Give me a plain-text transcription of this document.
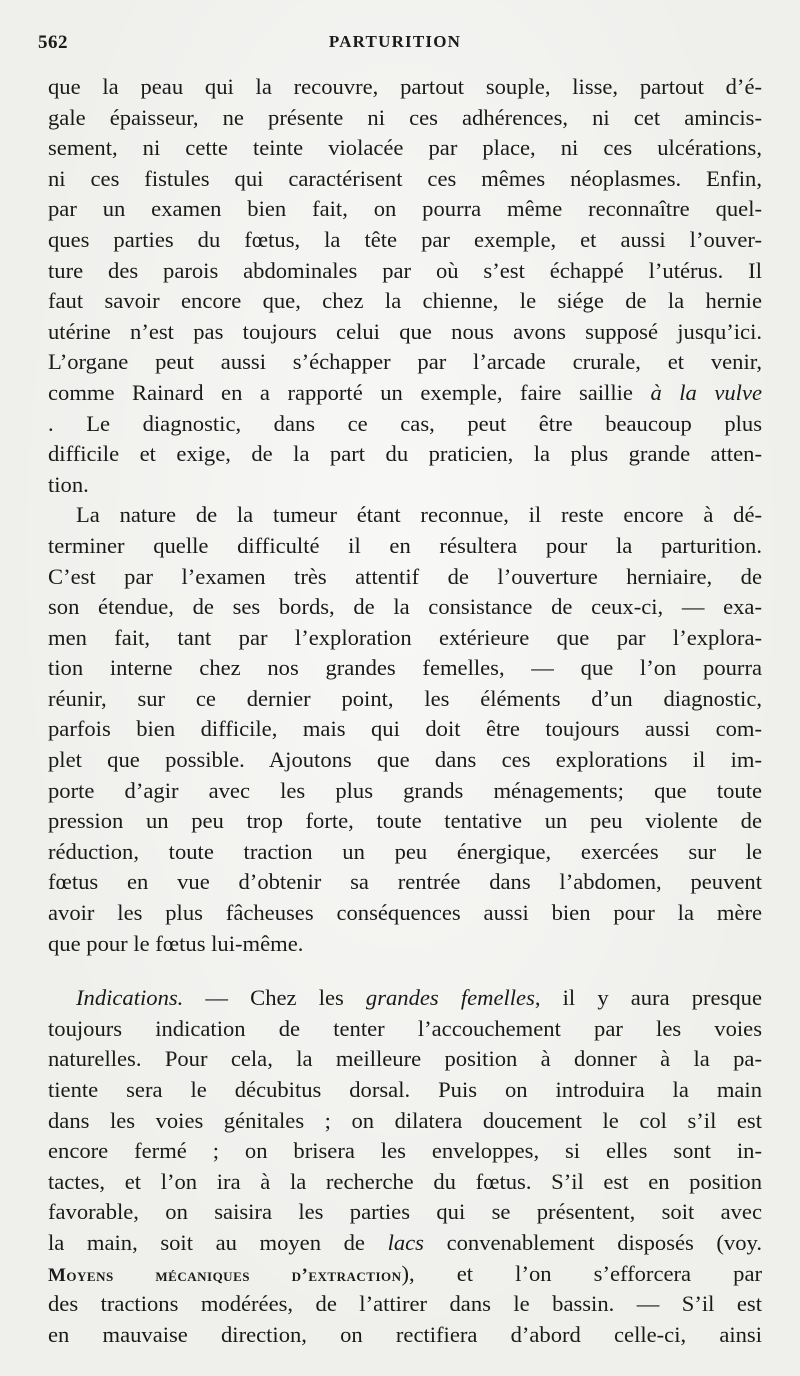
562	PARTURITION
que la peau qui la recouvre, partout souple, lisse, partout d’é-
gale épaisseur, ne présente ni ces adhérences, ni cet amincis-
sement, ni cette teinte violacée par place, ni ces ulcérations,
ni ces fistules qui caractérisent ces mêmes néoplasmes. Enfin,
par un examen bien fait, on pourra même reconnaître quel-
ques parties du fœtus, la tête par exemple, et aussi l’ouver-
ture des parois abdominales par où s’est échappé l’utérus. Il
faut savoir encore que, chez la chienne, le siége de la hernie
utérine n’est pas toujours celui que nous avons supposé jusqu’ici.
L’organe peut aussi s’échapper par l’arcade crurale, et venir,
comme Rainard en a rapporté un exemple, faire saillie à la vulve
. Le diagnostic, dans ce cas, peut être beaucoup plus
difficile et exige, de la part du praticien, la plus grande atten-
tion.
La nature de la tumeur étant reconnue, il reste encore à dé-
terminer quelle difficulté il en résultera pour la parturition.
C’est par l’examen très attentif de l’ouverture herniaire, de
son étendue, de ses bords, de la consistance de ceux-ci, — exa-
men fait, tant par l’exploration extérieure que par l’explora-
tion interne chez nos grandes femelles, — que l’on pourra
réunir, sur ce dernier point, les éléments d’un diagnostic,
parfois bien difficile, mais qui doit être toujours aussi com-
plet que possible. Ajoutons que dans ces explorations il im-
porte d’agir avec les plus grands ménagements; que toute
pression un peu trop forte, toute tentative un peu violente de
réduction, toute traction un peu énergique, exercées sur le
fœtus en vue d’obtenir sa rentrée dans l’abdomen, peuvent
avoir les plus fâcheuses conséquences aussi bien pour la mère
que pour le fœtus lui-même.
Indications. — Chez les grandes femelles, il y aura presque
toujours indication de tenter l’accouchement par les voies
naturelles. Pour cela, la meilleure position à donner à la pa-
tiente sera le décubitus dorsal. Puis on introduira la main
dans les voies génitales ; on dilatera doucement le col s’il est
encore fermé ; on brisera les enveloppes, si elles sont in-
tactes, et l’on ira à la recherche du fœtus. S’il est en position
favorable, on saisira les parties qui se présentent, soit avec
la main, soit au moyen de lacs convenablement disposés (voy.
Moyens mécaniques d’extraction), et l’on s’efforcera par
des tractions modérées, de l’attirer dans le bassin. — S’il est
en mauvaise direction, on rectifiera d’abord celle-ci, ainsi
